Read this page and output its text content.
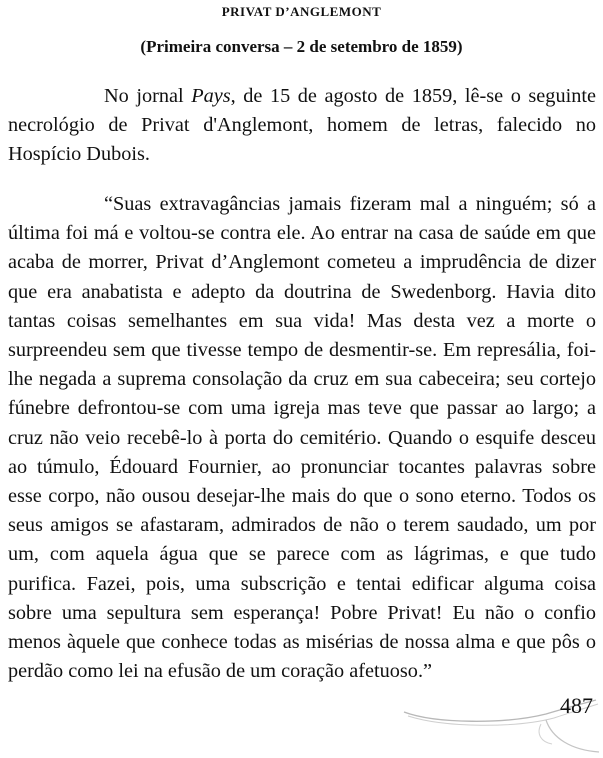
PRIVAT D’ANGLEMONT
(Primeira conversa – 2 de setembro de 1859)

No jornal Pays, de 15 de agosto de 1859, lê-se o seguinte necrológio de Privat d'Anglemont, homem de letras, falecido no Hospício Dubois.

“Suas extravagâncias jamais fizeram mal a ninguém; só a última foi má e voltou-se contra ele. Ao entrar na casa de saúde em que acaba de morrer, Privat d’Anglemont cometeu a imprudência de dizer que era anabatista e adepto da doutrina de Swedenborg. Havia dito tantas coisas semelhantes em sua vida! Mas desta vez a morte o surpreendeu sem que tivesse tempo de desmentir-se. Em represália, foi-lhe negada a suprema consolação da cruz em sua cabeceira; seu cortejo fúnebre defrontou-se com uma igreja mas teve que passar ao largo; a cruz não veio recebê-lo à porta do cemitério. Quando o esquife desceu ao túmulo, Édouard Fournier, ao pronunciar tocantes palavras sobre esse corpo, não ousou desejar-lhe mais do que o sono eterno. Todos os seus amigos se afastaram, admirados de não o terem saudado, um por um, com aquela água que se parece com as lágrimas, e que tudo purifica. Fazei, pois, uma subscrição e tentai edificar alguma coisa sobre uma sepultura sem esperança! Pobre Privat! Eu não o confio menos àquele que conhece todas as misérias de nossa alma e que pôs o perdão como lei na efusão de um coração afetuoso.”

487
